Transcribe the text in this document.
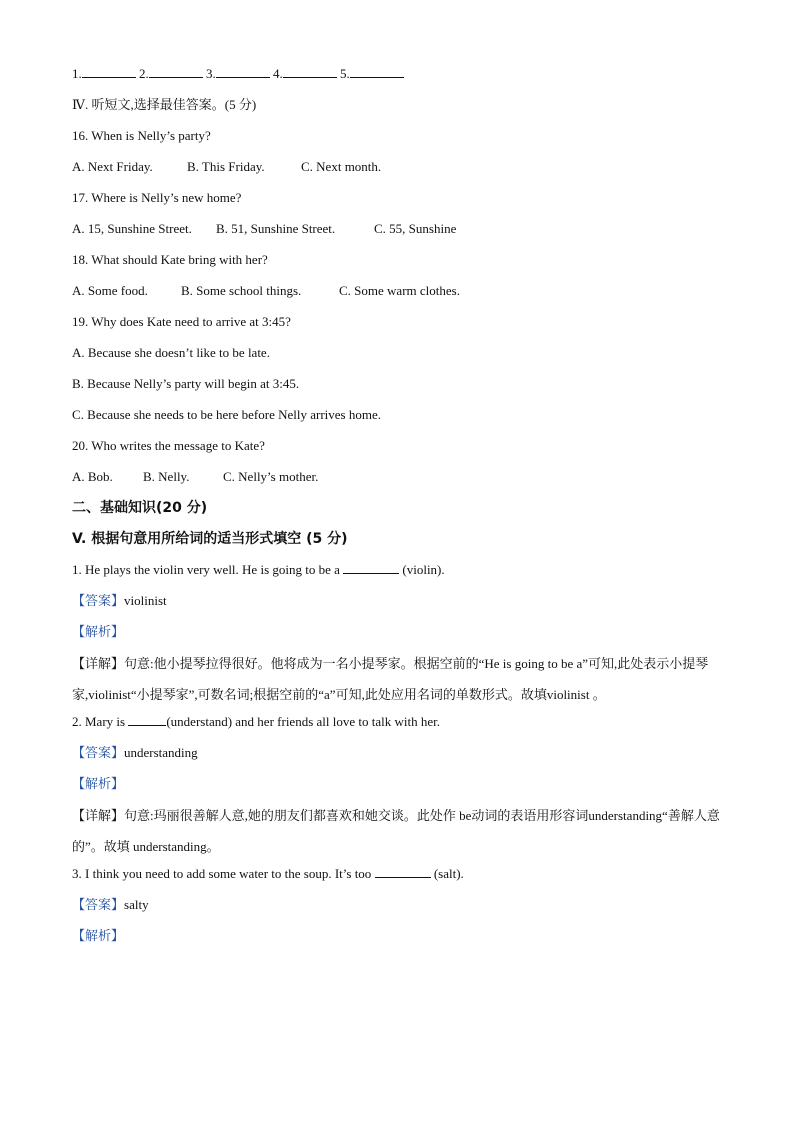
1.	2.	3.	4.	5.
Ⅳ. 听短文,选择最佳答案。(5 分)
16. When is Nelly’s party?
A. Next Friday.	B. This Friday.	C. Next month.
17. Where is Nelly’s new home?
A. 15, Sunshine Street. B. 51, Sunshine Street.	C. 55, Sunshine
18. What should Kate bring with her?
A. Some food.	B. Some school things.	C. Some warm clothes.
19. Why does Kate need to arrive at 3:45?
A. Because she doesn’t like to be late.
B. Because Nelly’s party will begin at 3:45.
C. Because she needs to be here before Nelly arrives home.
20. Who writes the message to Kate?
A. Bob. B. Nelly.	C. Nelly’s mother.
二、基础知识(20 分)
V. 根据句意用所给词的适当形式填空 (5 分)
1. He plays the violin very well. He is going to be a	(violin).
【答案】violinist
【解析】
【详解】句意:他小提琴拉得很好。他将成为一名小提琴家。根据空前的“He is going to be a”可知,此处表示小提琴家,violinist“小提琴家”,可数名词;根据空前的“a”可知,此处应用名词的单数形式。故填violinist 。
2. Mary is	(understand) and her friends all love to talk with her.
【答案】understanding
【解析】
【详解】句意:玛丽很善解人意,她的朋友们都喜欢和她交谈。此处作 be动词的表语用形容词understanding“善解人意的”。故填 understanding。
3. I think you need to add some water to the soup. It’s too	(salt).
【答案】salty
【解析】
